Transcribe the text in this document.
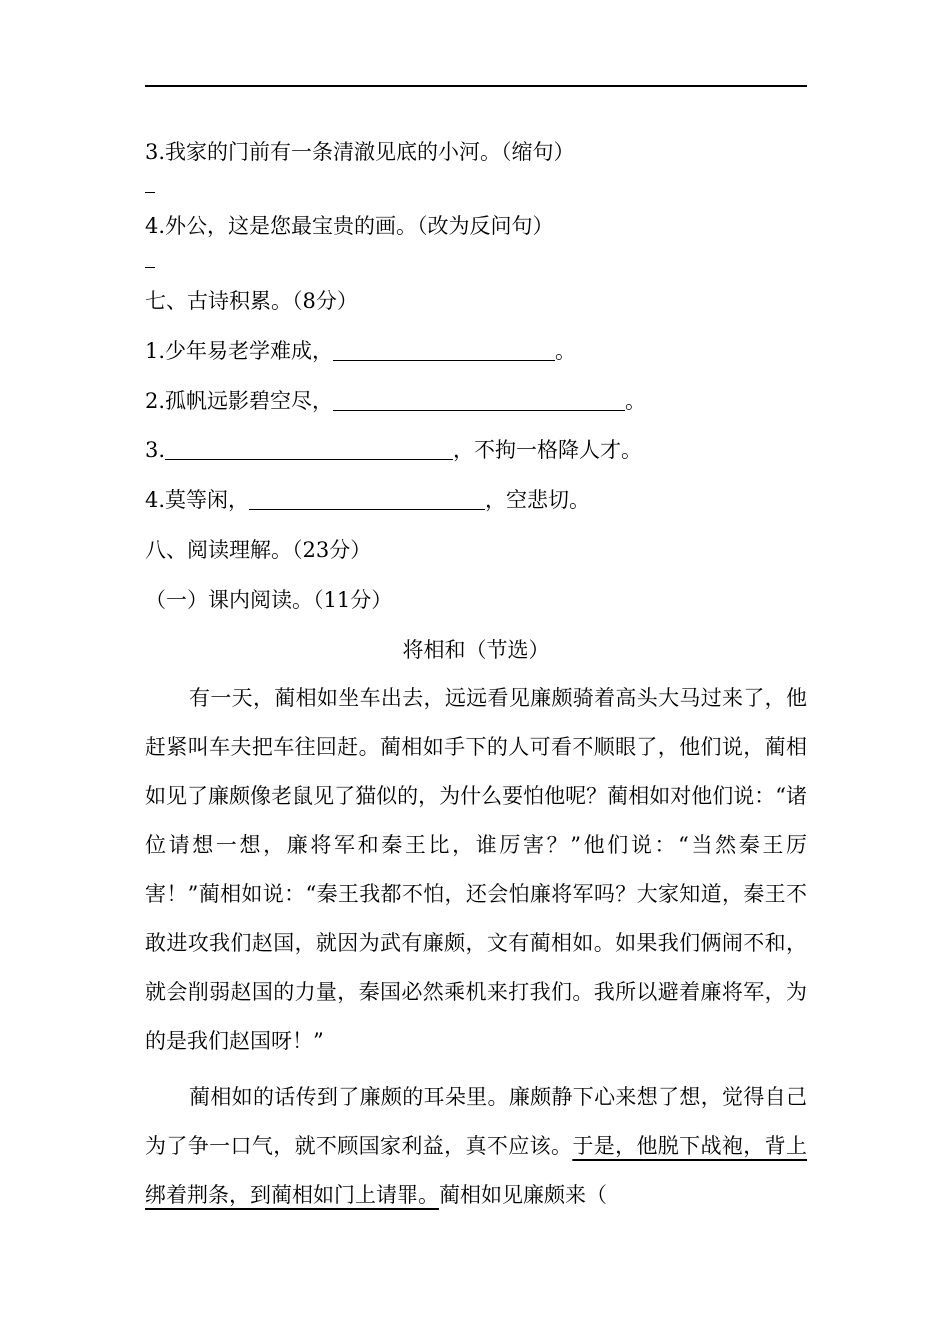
3.我家的门前有一条清澈见底的小河。（缩句）
4.外公，这是您最宝贵的画。（改为反问句）
七、古诗积累。（8分）
1.少年易老学难成，	。
2.孤帆远影碧空尽，	。
3.	，不拘一格降人才。
4.莫等闲，	，空悲切。
八、阅读理解。（23分）
（一）课内阅读。（11分）
将相和（节选）
有一天，蔺相如坐车出去，远远看见廉颇骑着高头大马过来了，他赶紧叫车夫把车往回赶。蔺相如手下的人可看不顺眼了，他们说，蔺相如见了廉颇像老鼠见了猫似的，为什么要怕他呢？蔺相如对他们说：“诸位请想一想，廉将军和秦王比，谁厉害？”他们说：“当然秦王厉害！”蔺相如说：“秦王我都不怕，还会怕廉将军吗？大家知道，秦王不敢进攻我们赵国，就因为武有廉颇，文有蔺相如。如果我们俩闹不和，就会削弱赵国的力量，秦国必然乘机来打我们。我所以避着廉将军，为的是我们赵国呀！”
蔺相如的话传到了廉颇的耳朵里。廉颇静下心来想了想，觉得自己为了争一口气，就不顾国家利益，真不应该。于是，他脱下战袍，背上绑着荆条，到蔺相如门上请罪。蔺相如见廉颇来（
